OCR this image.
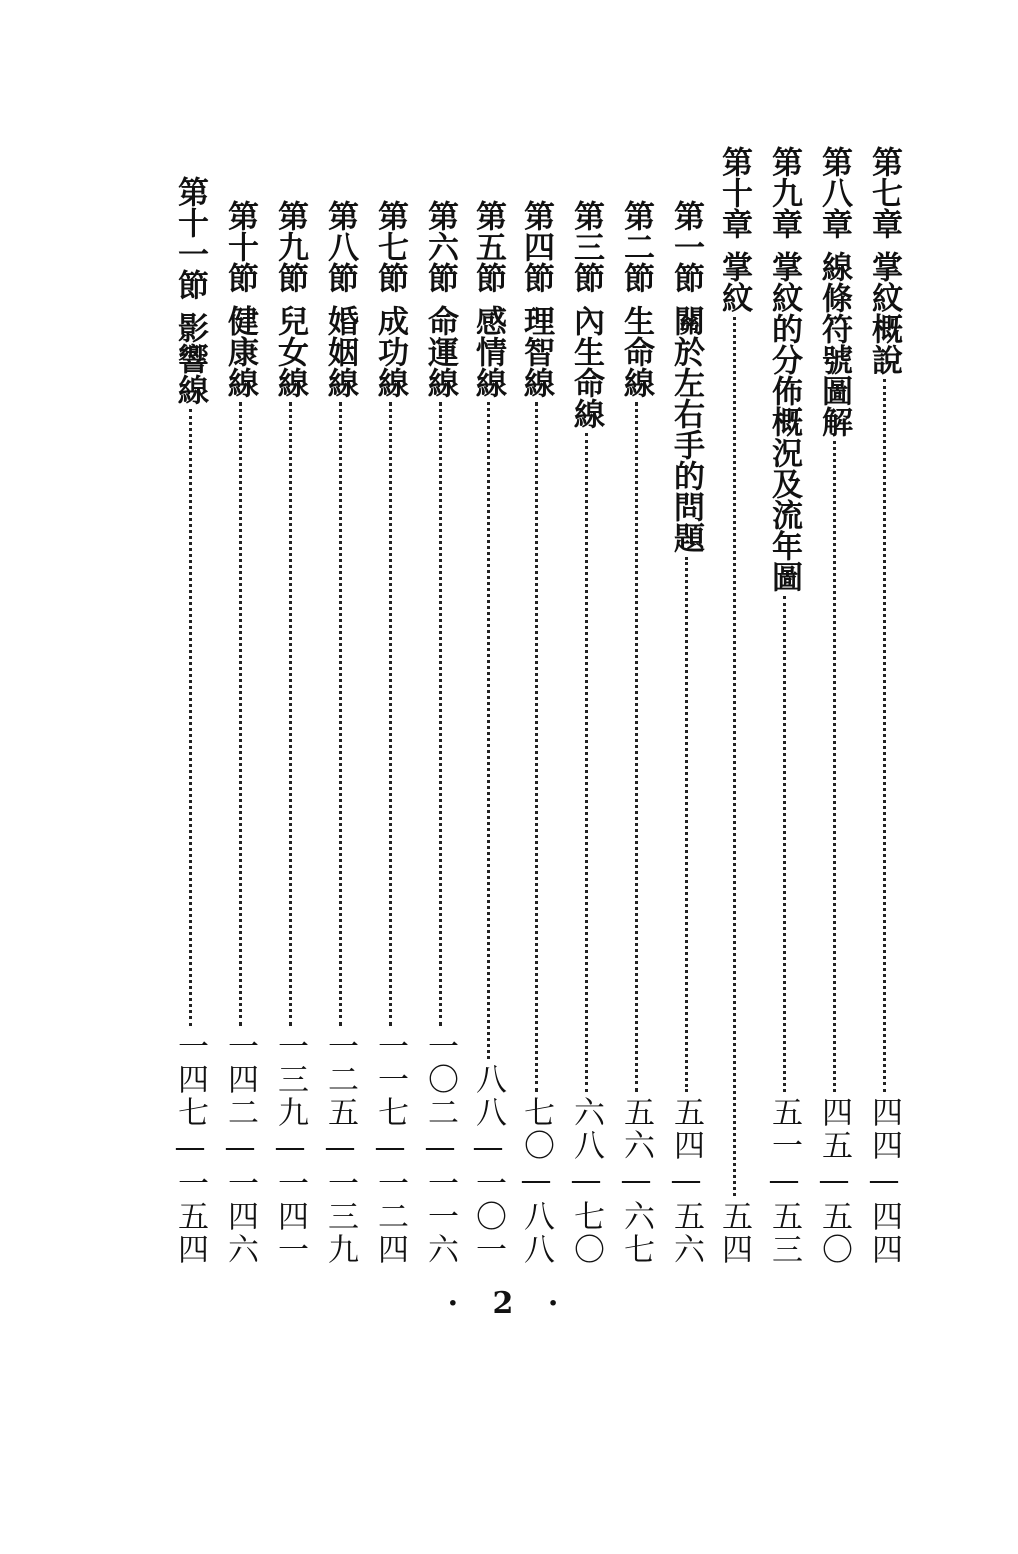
第七章
掌紋概說
四四—四四
第八章
線條符號圖解
四五—五〇
第九章
掌紋的分佈概況及流年圖
五一—五三
第十章
掌紋
五四
第一節
關於左右手的問題
五四—五六
第二節
生命線
五六—六七
第三節
內生命線
六八—七〇
第四節
理智線
七〇—八八
第五節
感情線
八八—一〇一
第六節
命運線
一〇二—一一六
第七節
成功線
一一七—一二四
第八節
婚姻線
一二五—一三九
第九節
兒女線
一三九—一四一
第十節
健康線
一四二—一四六
第十一節
影響線
一四七—一五四
· 2 ·
